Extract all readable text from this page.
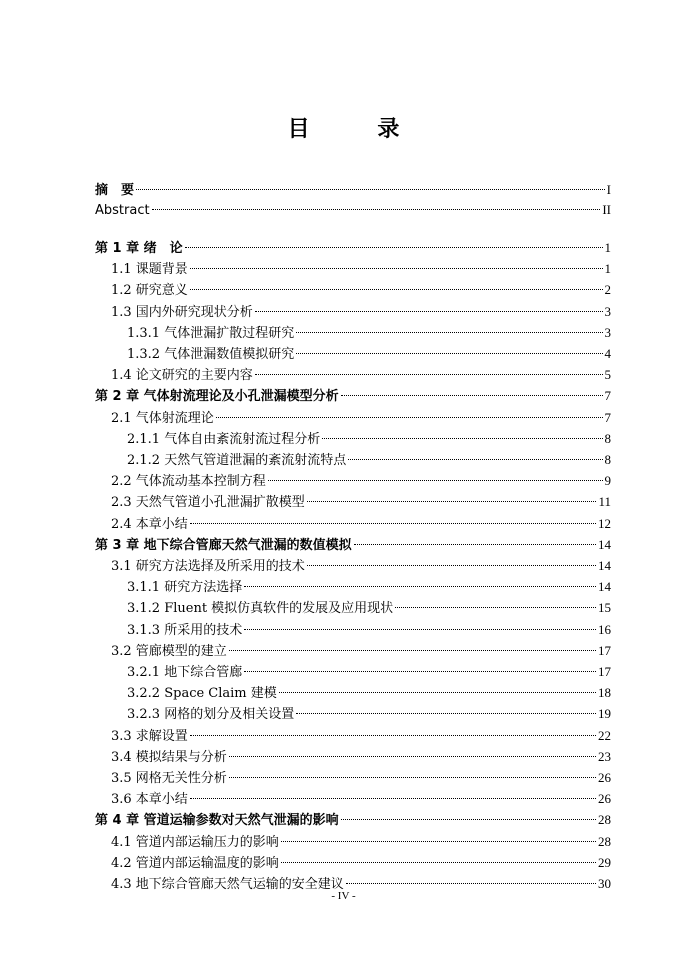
目 录
摘　要	I
Abstract	II
第 1 章 绪　论	1
1.1 课题背景	1
1.2 研究意义	2
1.3 国内外研究现状分析	3
1.3.1 气体泄漏扩散过程研究	3
1.3.2 气体泄漏数值模拟研究	4
1.4 论文研究的主要内容	5
第 2 章 气体射流理论及小孔泄漏模型分析	7
2.1 气体射流理论	7
2.1.1 气体自由紊流射流过程分析	8
2.1.2 天然气管道泄漏的紊流射流特点	8
2.2 气体流动基本控制方程	9
2.3 天然气管道小孔泄漏扩散模型	11
2.4 本章小结	12
第 3 章 地下综合管廊天然气泄漏的数值模拟	14
3.1 研究方法选择及所采用的技术	14
3.1.1 研究方法选择	14
3.1.2 Fluent 模拟仿真软件的发展及应用现状	15
3.1.3 所采用的技术	16
3.2 管廊模型的建立	17
3.2.1 地下综合管廊	17
3.2.2 Space Claim 建模	18
3.2.3 网格的划分及相关设置	19
3.3 求解设置	22
3.4 模拟结果与分析	23
3.5 网格无关性分析	26
3.6 本章小结	26
第 4 章 管道运输参数对天然气泄漏的影响	28
4.1 管道内部运输压力的影响	28
4.2 管道内部运输温度的影响	29
4.3 地下综合管廊天然气运输的安全建议	30
- IV -
